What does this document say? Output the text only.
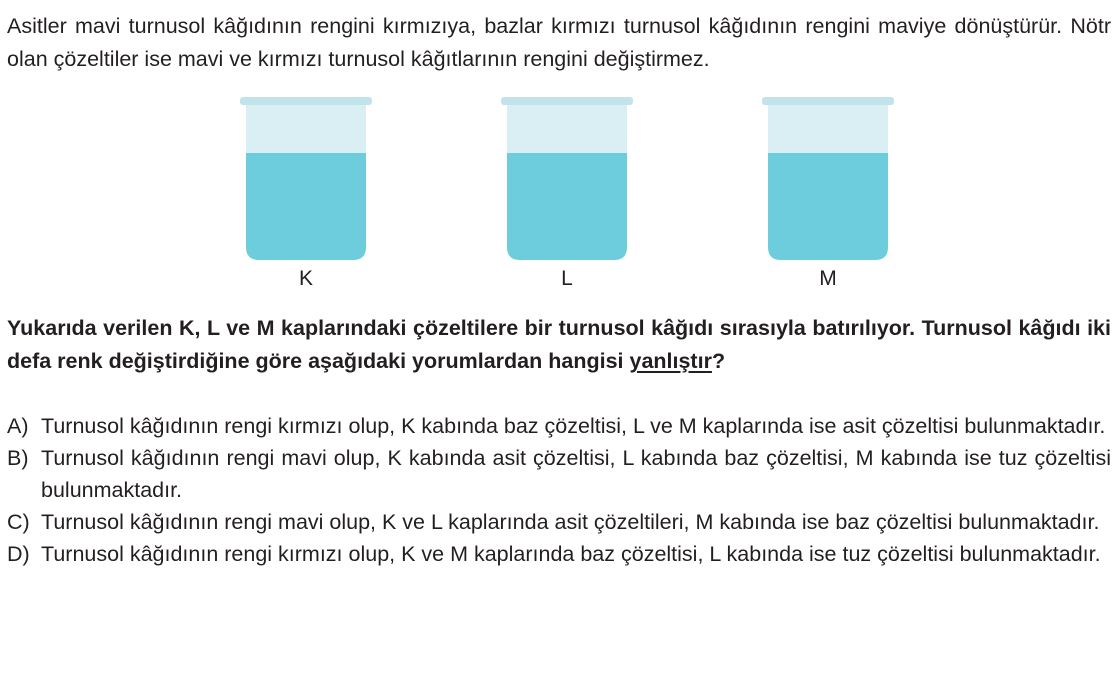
Asitler mavi turnusol kâğıdının rengini kırmızıya, bazlar kırmızı turnusol kâğıdının rengini maviye dönüştürür. Nötr olan çözeltiler ise mavi ve kırmızı turnusol kâğıtlarının rengini değiştirmez.
K	L	M
Yukarıda verilen K, L ve M kaplarındaki çözeltilere bir turnusol kâğıdı sırasıyla batırılıyor. Turnusol kâğıdı iki defa renk değiştirdiğine göre aşağıdaki yorumlardan hangisi yanlıştır?
A) Turnusol kâğıdının rengi kırmızı olup, K kabında baz çözeltisi, L ve M kaplarında ise asit çözeltisi bulunmaktadır.
B) Turnusol kâğıdının rengi mavi olup, K kabında asit çözeltisi, L kabında baz çözeltisi, M kabında ise tuz çözeltisi bulunmaktadır.
C) Turnusol kâğıdının rengi mavi olup, K ve L kaplarında asit çözeltileri, M kabında ise baz çözeltisi bulunmaktadır.
D) Turnusol kâğıdının rengi kırmızı olup, K ve M kaplarında baz çözeltisi, L kabında ise tuz çözeltisi bulunmaktadır.
